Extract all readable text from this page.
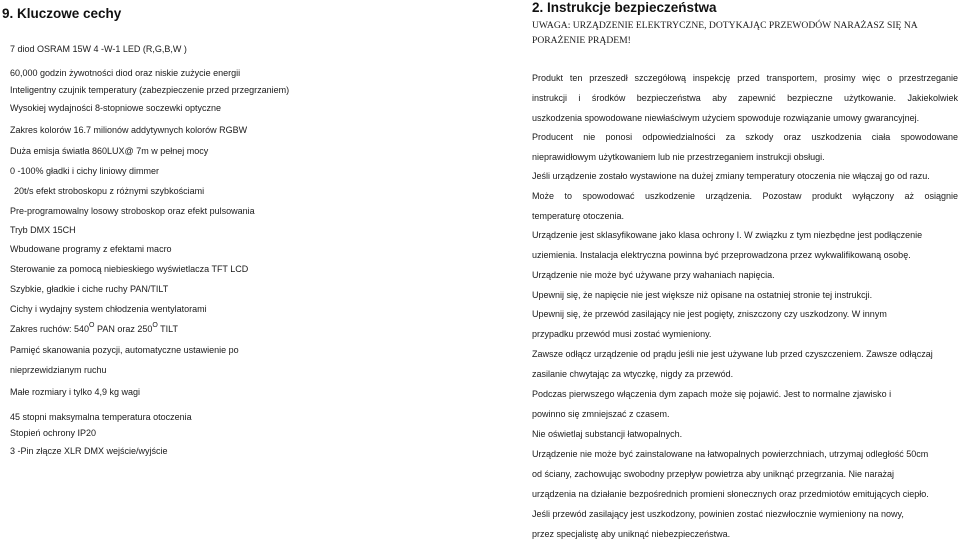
9. Kluczowe cechy
7 diod OSRAM 15W 4 -W-1 LED (R,G,B,W )
60,000 godzin żywotności diod oraz niskie zużycie energii
Inteligentny czujnik temperatury (zabezpieczenie przed przegrzaniem)
Wysokiej wydajności 8-stopniowe soczewki optyczne
Zakres kolorów 16.7 milionów addytywnych kolorów RGBW
Duża emisja światła 860LUX@ 7m w pełnej mocy
0 -100% gładki i cichy liniowy dimmer
20t/s efekt stroboskopu z różnymi szybkościami
Pre-programowalny losowy stroboskop oraz efekt pulsowania
Tryb DMX 15CH
Wbudowane programy z efektami macro
Sterowanie za pomocą niebieskiego wyświetlacza TFT LCD
Szybkie, gładkie i ciche ruchy PAN/TILT
Cichy i wydajny system chłodzenia wentylatorami
Zakres ruchów: $540^O$ PAN oraz $250^O$ TILT
Pamięć skanowania pozycji, automatyczne ustawienie po
nieprzewidzianym ruchu
Małe rozmiary i tylko 4,9 kg wagi
45 stopni maksymalna temperatura otoczenia
Stopień ochrony IP20
3 -Pin złącze XLR DMX wejście/wyjście
2. Instrukcje bezpieczeństwa
UWAGA: URZĄDZENIE ELEKTRYCZNE, DOTYKAJĄC PRZEWODÓW NARAŻASZ SIĘ NA
PORAŻENIE PRĄDEM!
Produkt ten przeszedł szczegółową inspekcję przed transportem, prosimy więc o przestrzeganie
instrukcji i środków bezpieczeństwa aby zapewnić bezpieczne użytkowanie. Jakiekolwiek
uszkodzenia spowodowane niewłaściwym użyciem spowoduje rozwiązanie umowy gwarancyjnej.
Producent nie ponosi odpowiedzialności za szkody oraz uszkodzenia ciała spowodowane
nieprawidłowym użytkowaniem lub nie przestrzeganiem instrukcji obsługi.
Jeśli urządzenie zostało wystawione na dużej zmiany temperatury otoczenia nie włączaj go od razu.
Może to spowodować uszkodzenie urządzenia. Pozostaw produkt wyłączony aż osiągnie
temperaturę otoczenia.
Urządzenie jest sklasyfikowane jako klasa ochrony I. W związku z tym niezbędne jest podłączenie
uziemienia. Instalacja elektryczna powinna być przeprowadzona przez wykwalifikowaną osobę.
Urządzenie nie może być używane przy wahaniach napięcia.
Upewnij się, że napięcie nie jest większe niż opisane na ostatniej stronie tej instrukcji.
Upewnij się, że przewód zasilający nie jest pogięty, zniszczony czy uszkodzony. W innym
przypadku przewód musi zostać wymieniony.
Zawsze odłącz urządzenie od prądu jeśli nie jest używane lub przed czyszczeniem. Zawsze odłączaj
zasilanie chwytając za wtyczkę, nigdy za przewód.
Podczas pierwszego włączenia dym zapach może się pojawić. Jest to normalne zjawisko i
powinno się zmniejszać z czasem.
Nie oświetlaj substancji łatwopalnych.
Urządzenie nie może być zainstalowane na łatwopalnych powierzchniach, utrzymaj odległość 50cm
od ściany, zachowując swobodny przepływ powietrza aby uniknąć przegrzania. Nie narażaj
urządzenia na działanie bezpośrednich promieni słonecznych oraz przedmiotów emitujących ciepło.
Jeśli przewód zasilający jest uszkodzony, powinien zostać niezwłocznie wymieniony na nowy,
przez specjalistę aby uniknąć niebezpieczeństwa.
